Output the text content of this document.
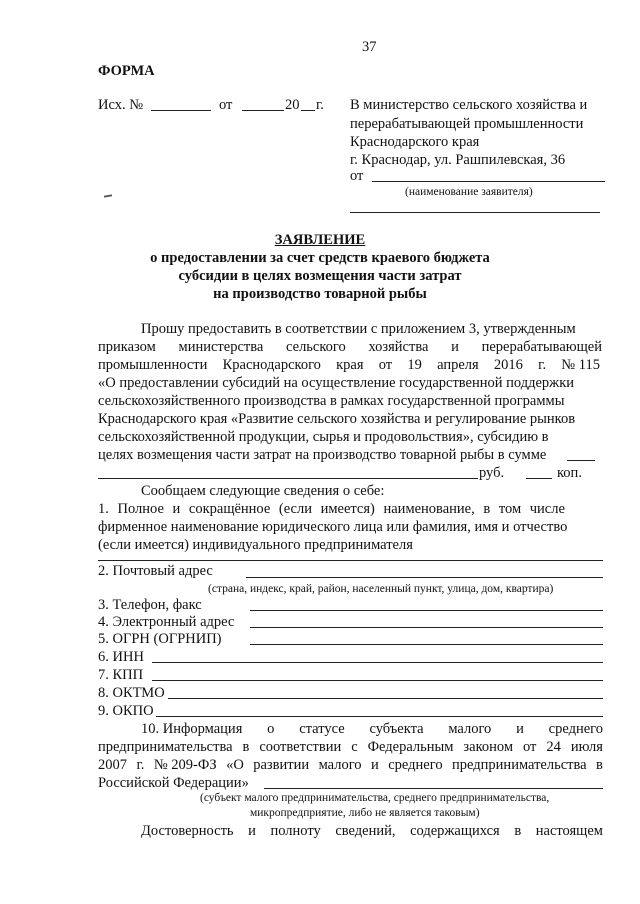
37
ФОРМА
Исх. №	от	20 г. В министерство сельского хозяйства и
перерабатывающей промышленности
Краснодарского края
г. Краснодар, ул. Рашпилевская, 36
от
(наименование заявителя)
ЗАЯВЛЕНИЕ
о предоставлении за счет средств краевого бюджета
субсидии в целях возмещения части затрат
на производство товарной рыбы
Прошу предоставить в соответствии с приложением 3, утвержденным
приказом министерства сельского хозяйства и перерабатывающей
промышленности Краснодарского края от 19 апреля 2016 г. № 115
«О предоставлении субсидий на осуществление государственной поддержки
сельскохозяйственного производства в рамках государственной программы
Краснодарского края «Развитие сельского хозяйства и регулирование рынков
сельскохозяйственной продукции, сырья и продовольствия», субсидию в
целях возмещения части затрат на производство товарной рыбы в сумме
руб.	коп.
Сообщаем следующие сведения о себе:
1. Полное и сокращённое (если имеется) наименование, в том числе
фирменное наименование юридического лица или фамилия, имя и отчество
(если имеется) индивидуального предпринимателя
2. Почтовый адрес
(страна, индекс, край, район, населенный пункт, улица, дом, квартира)
3. Телефон, факс
4. Электронный адрес
5. ОГРН (ОГРНИП)
6. ИНН
7. КПП
8. ОКТМО
9. ОКПО
10. Информация о статусе субъекта малого и среднего
предпринимательства в соответствии с Федеральным законом от 24 июля
2007 г. № 209-ФЗ «О развитии малого и среднего предпринимательства в
Российской Федерации»
(субъект малого предпринимательства, среднего предпринимательства,
микропредприятие, либо не является таковым)
Достоверность и полноту сведений, содержащихся в настоящем
